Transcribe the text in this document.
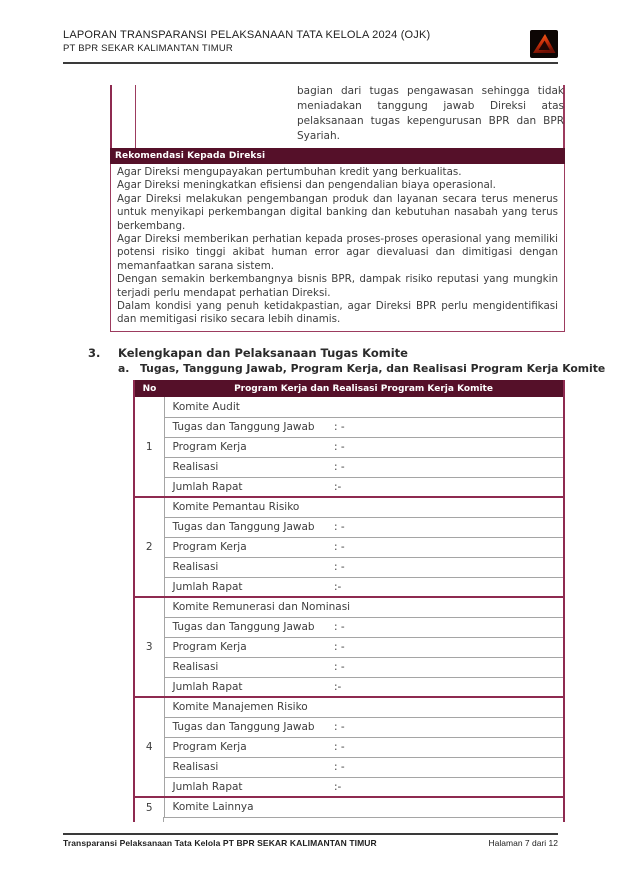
LAPORAN TRANSPARANSI PELAKSANAAN TATA KELOLA 2024 (OJK)
PT BPR SEKAR KALIMANTAN TIMUR
bagian dari tugas pengawasan sehingga tidak meniadakan tanggung jawab Direksi atas pelaksanaan tugas kepengurusan BPR dan BPR Syariah.
Rekomendasi Kepada Direksi
Agar Direksi mengupayakan pertumbuhan kredit yang berkualitas.
Agar Direksi meningkatkan efisiensi dan pengendalian biaya operasional.
Agar Direksi melakukan pengembangan produk dan layanan secara terus menerus untuk menyikapi perkembangan digital banking dan kebutuhan nasabah yang terus berkembang.
Agar Direksi memberikan perhatian kepada proses-proses operasional yang memiliki potensi risiko tinggi akibat human error agar dievaluasi dan dimitigasi dengan memanfaatkan sarana sistem.
Dengan semakin berkembangnya bisnis BPR, dampak risiko reputasi yang mungkin terjadi perlu mendapat perhatian Direksi.
Dalam kondisi yang penuh ketidakpastian, agar Direksi BPR perlu mengidentifikasi dan memitigasi risiko secara lebih dinamis.
3.	Kelengkapan dan Pelaksanaan Tugas Komite
a. Tugas, Tanggung Jawab, Program Kerja, dan Realisasi Program Kerja Komite
No	Program Kerja dan Realisasi Program Kerja Komite	
1	Komite Audit	
	Tugas dan Tanggung Jawab	: -
	Program Kerja	: -
	Realisasi	: -
	Jumlah Rapat	:-
2	Komite Pemantau Risiko	
	Tugas dan Tanggung Jawab	: -
	Program Kerja	: -
	Realisasi	: -
	Jumlah Rapat	:-
3	Komite Remunerasi dan Nominasi	
	Tugas dan Tanggung Jawab	: -
	Program Kerja	: -
	Realisasi	: -
	Jumlah Rapat	:-
4	Komite Manajemen Risiko	
	Tugas dan Tanggung Jawab	: -
	Program Kerja	: -
	Realisasi	: -
	Jumlah Rapat	:-
5	Komite Lainnya	
Transparansi Pelaksanaan Tata Kelola PT BPR SEKAR KALIMANTAN TIMUR	Halaman 7 dari 12
